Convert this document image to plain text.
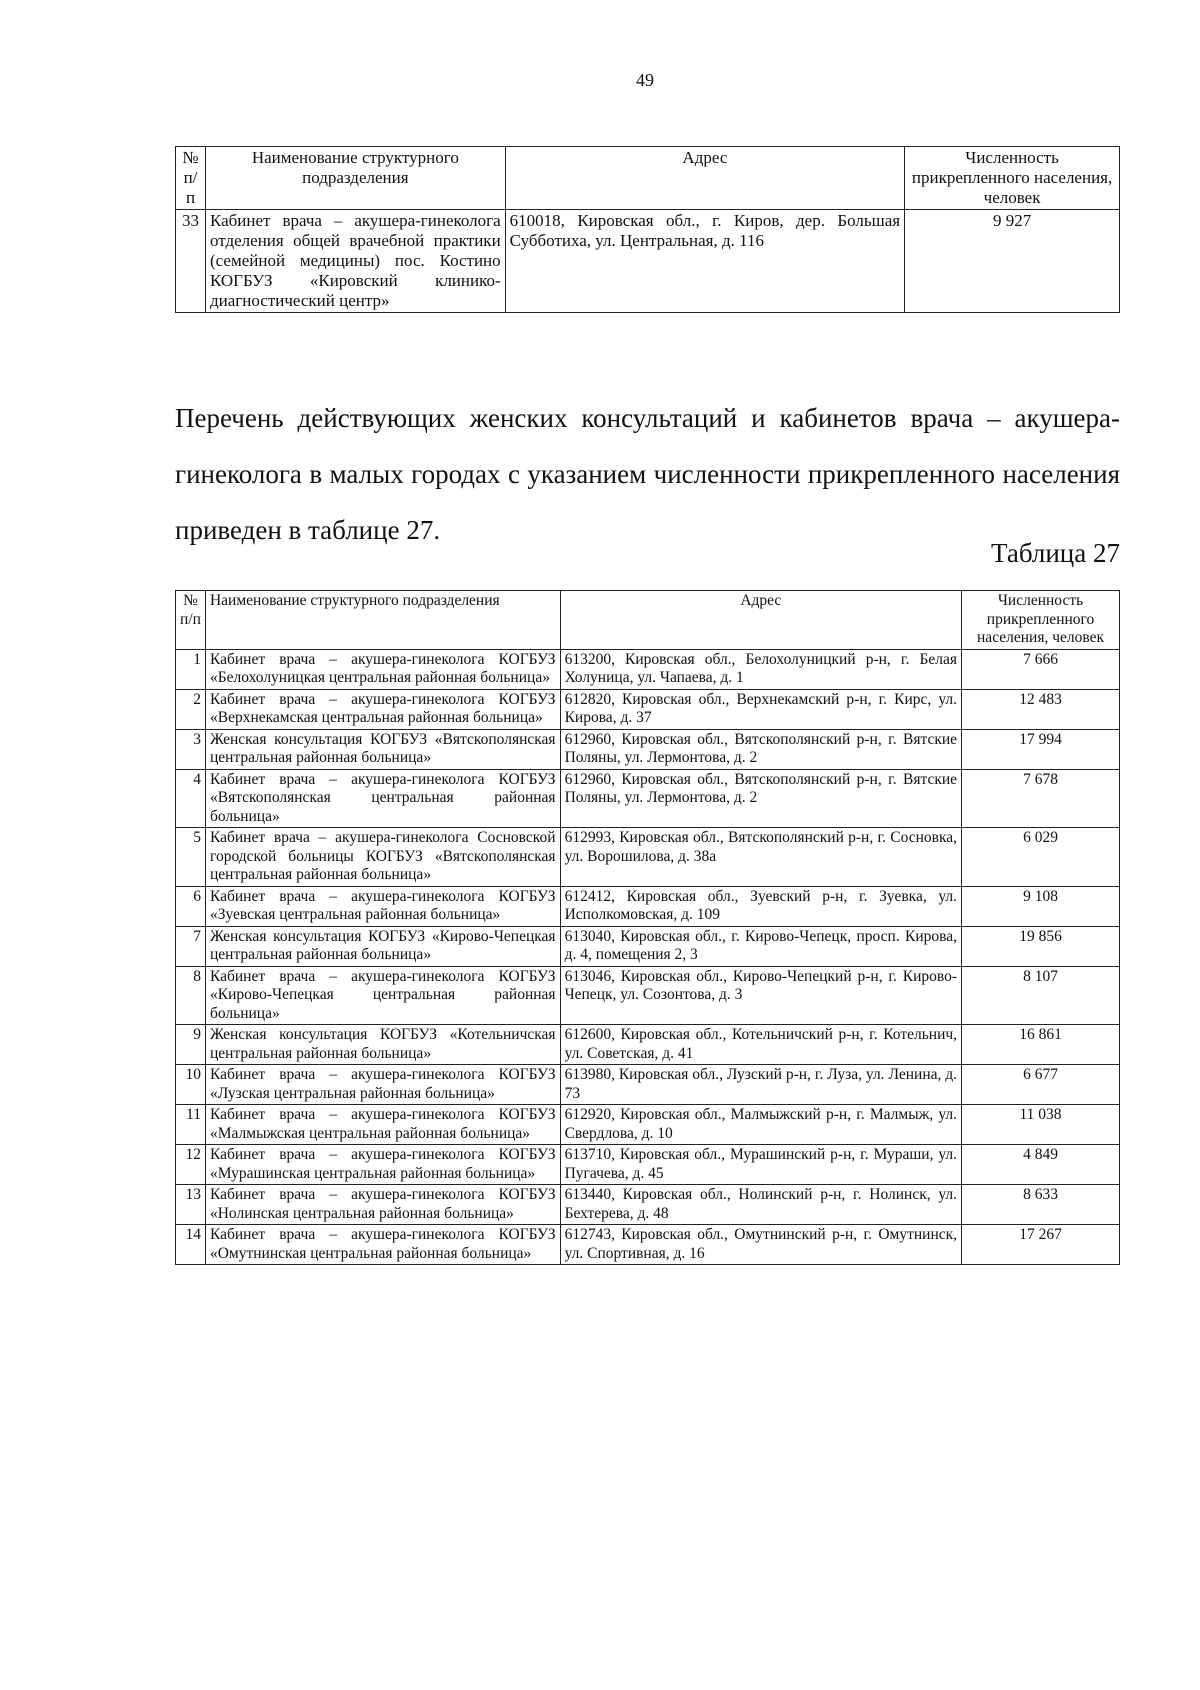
49
№ п/п	Наименование структурного подразделения	Адрес	Численность прикрепленного населения, человек
33	Кабинет врача – акушера-гинеколога отделения общей врачебной практики (семейной медицины) пос. Костино КОГБУЗ «Кировский клинико-диагностический центр»	610018, Кировская обл., г. Киров, дер. Большая Субботиха, ул. Центральная, д. 116	9 927
Перечень действующих женских консультаций и кабинетов врача – акушера-гинеколога в малых городах с указанием численности прикрепленного населения приведен в таблице 27.
Таблица 27
№ п/п	Наименование структурного подразделения	Адрес	Численность прикрепленного населения, человек
1	Кабинет врача – акушера-гинеколога КОГБУЗ «Белохолуницкая центральная районная больница»	613200, Кировская обл., Белохолуницкий р-н, г. Белая Холуница, ул. Чапаева, д. 1	7 666
2	Кабинет врача – акушера-гинеколога КОГБУЗ «Верхнекамская центральная районная больница»	612820, Кировская обл., Верхнекамский р-н, г. Кирс, ул. Кирова, д. 37	12 483
3	Женская консультация КОГБУЗ «Вятскополянская центральная районная больница»	612960, Кировская обл., Вятскополянский р-н, г. Вятские Поляны, ул. Лермонтова, д. 2	17 994
4	Кабинет врача – акушера-гинеколога КОГБУЗ «Вятскополянская центральная районная больница»	612960, Кировская обл., Вятскополянский р-н, г. Вятские Поляны, ул. Лермонтова, д. 2	7 678
5	Кабинет врача – акушера-гинеколога Сосновской городской больницы КОГБУЗ «Вятскополянская центральная районная больница»	612993, Кировская обл., Вятскополянский р-н, г. Сосновка, ул. Ворошилова, д. 38а	6 029
6	Кабинет врача – акушера-гинеколога КОГБУЗ «Зуевская центральная районная больница»	612412, Кировская обл., Зуевский р-н, г. Зуевка, ул. Исполкомовская, д. 109	9 108
7	Женская консультация КОГБУЗ «Кирово-Чепецкая центральная районная больница»	613040, Кировская обл., г. Кирово-Чепецк, просп. Кирова, д. 4, помещения 2, 3	19 856
8	Кабинет врача – акушера-гинеколога КОГБУЗ «Кирово-Чепецкая центральная районная больница»	613046, Кировская обл., Кирово-Чепецкий р-н, г. Кирово-Чепецк, ул. Созонтова, д. 3	8 107
9	Женская консультация КОГБУЗ «Котельничская центральная районная больница»	612600, Кировская обл., Котельничский р-н, г. Котельнич, ул. Советская, д. 41	16 861
10	Кабинет врача – акушера-гинеколога КОГБУЗ «Лузская центральная районная больница»	613980, Кировская обл., Лузский р-н, г. Луза, ул. Ленина, д. 73	6 677
11	Кабинет врача – акушера-гинеколога КОГБУЗ «Малмыжская центральная районная больница»	612920, Кировская обл., Малмыжский р-н, г. Малмыж, ул. Свердлова, д. 10	11 038
12	Кабинет врача – акушера-гинеколога КОГБУЗ «Мурашинская центральная районная больница»	613710, Кировская обл., Мурашинский р-н, г. Мураши, ул. Пугачева, д. 45	4 849
13	Кабинет врача – акушера-гинеколога КОГБУЗ «Нолинская центральная районная больница»	613440, Кировская обл., Нолинский р-н, г. Нолинск, ул. Бехтерева, д. 48	8 633
14	Кабинет врача – акушера-гинеколога КОГБУЗ «Омутнинская центральная районная больница»	612743, Кировская обл., Омутнинский р-н, г. Омутнинск, ул. Спортивная, д. 16	17 267
